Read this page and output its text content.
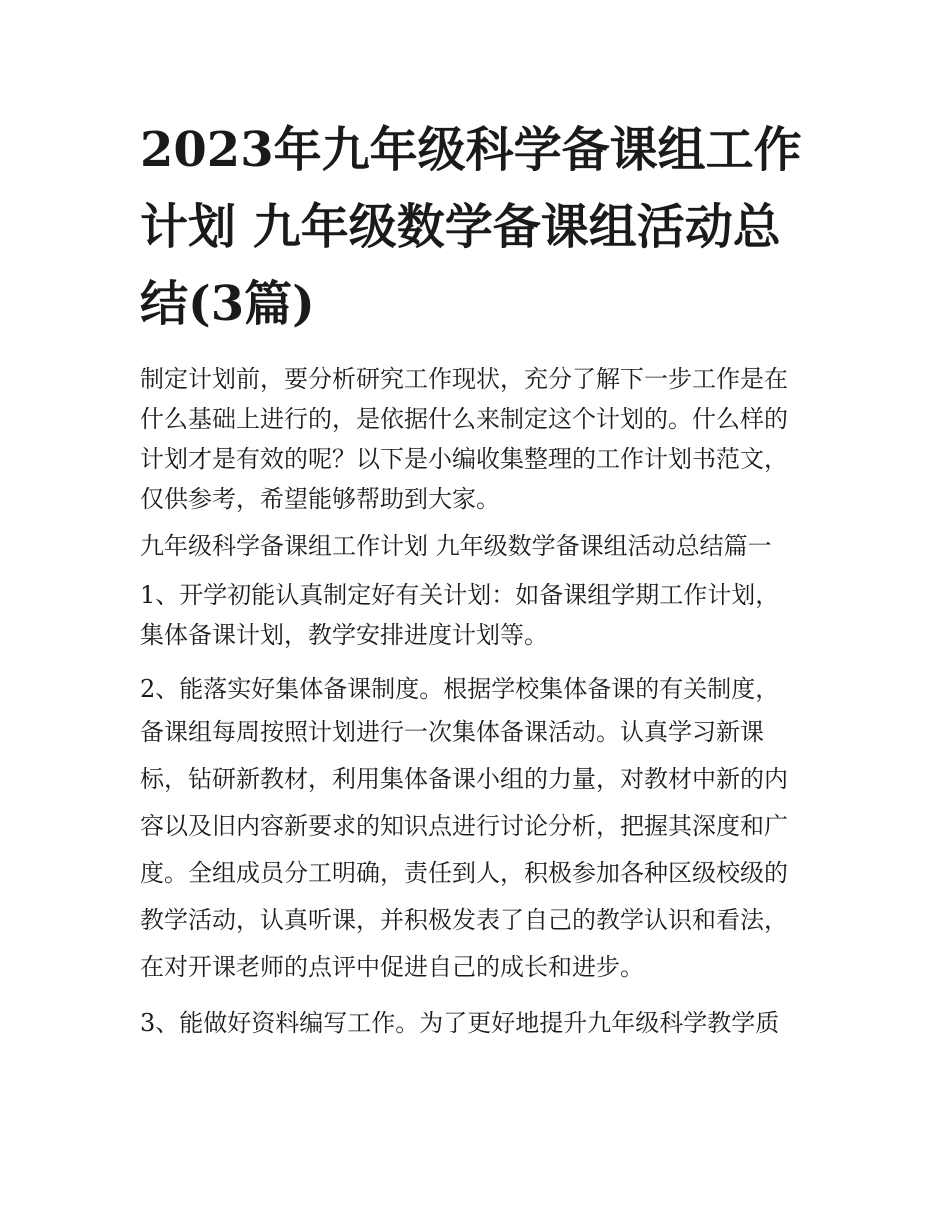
2023年九年级科学备课组工作
计划 九年级数学备课组活动总
结(3篇)

制定计划前，要分析研究工作现状，充分了解下一步工作是在
什么基础上进行的，是依据什么来制定这个计划的。什么样的
计划才是有效的呢？以下是小编收集整理的工作计划书范文，
仅供参考，希望能够帮助到大家。

九年级科学备课组工作计划 九年级数学备课组活动总结篇一

1、开学初能认真制定好有关计划：如备课组学期工作计划，
集体备课计划，教学安排进度计划等。

2、能落实好集体备课制度。根据学校集体备课的有关制度，
备课组每周按照计划进行一次集体备课活动。认真学习新课
标，钻研新教材，利用集体备课小组的力量，对教材中新的内
容以及旧内容新要求的知识点进行讨论分析，把握其深度和广
度。全组成员分工明确，责任到人，积极参加各种区级校级的
教学活动，认真听课，并积极发表了自己的教学认识和看法，
在对开课老师的点评中促进自己的成长和进步。

3、能做好资料编写工作。为了更好地提升九年级科学教学质
